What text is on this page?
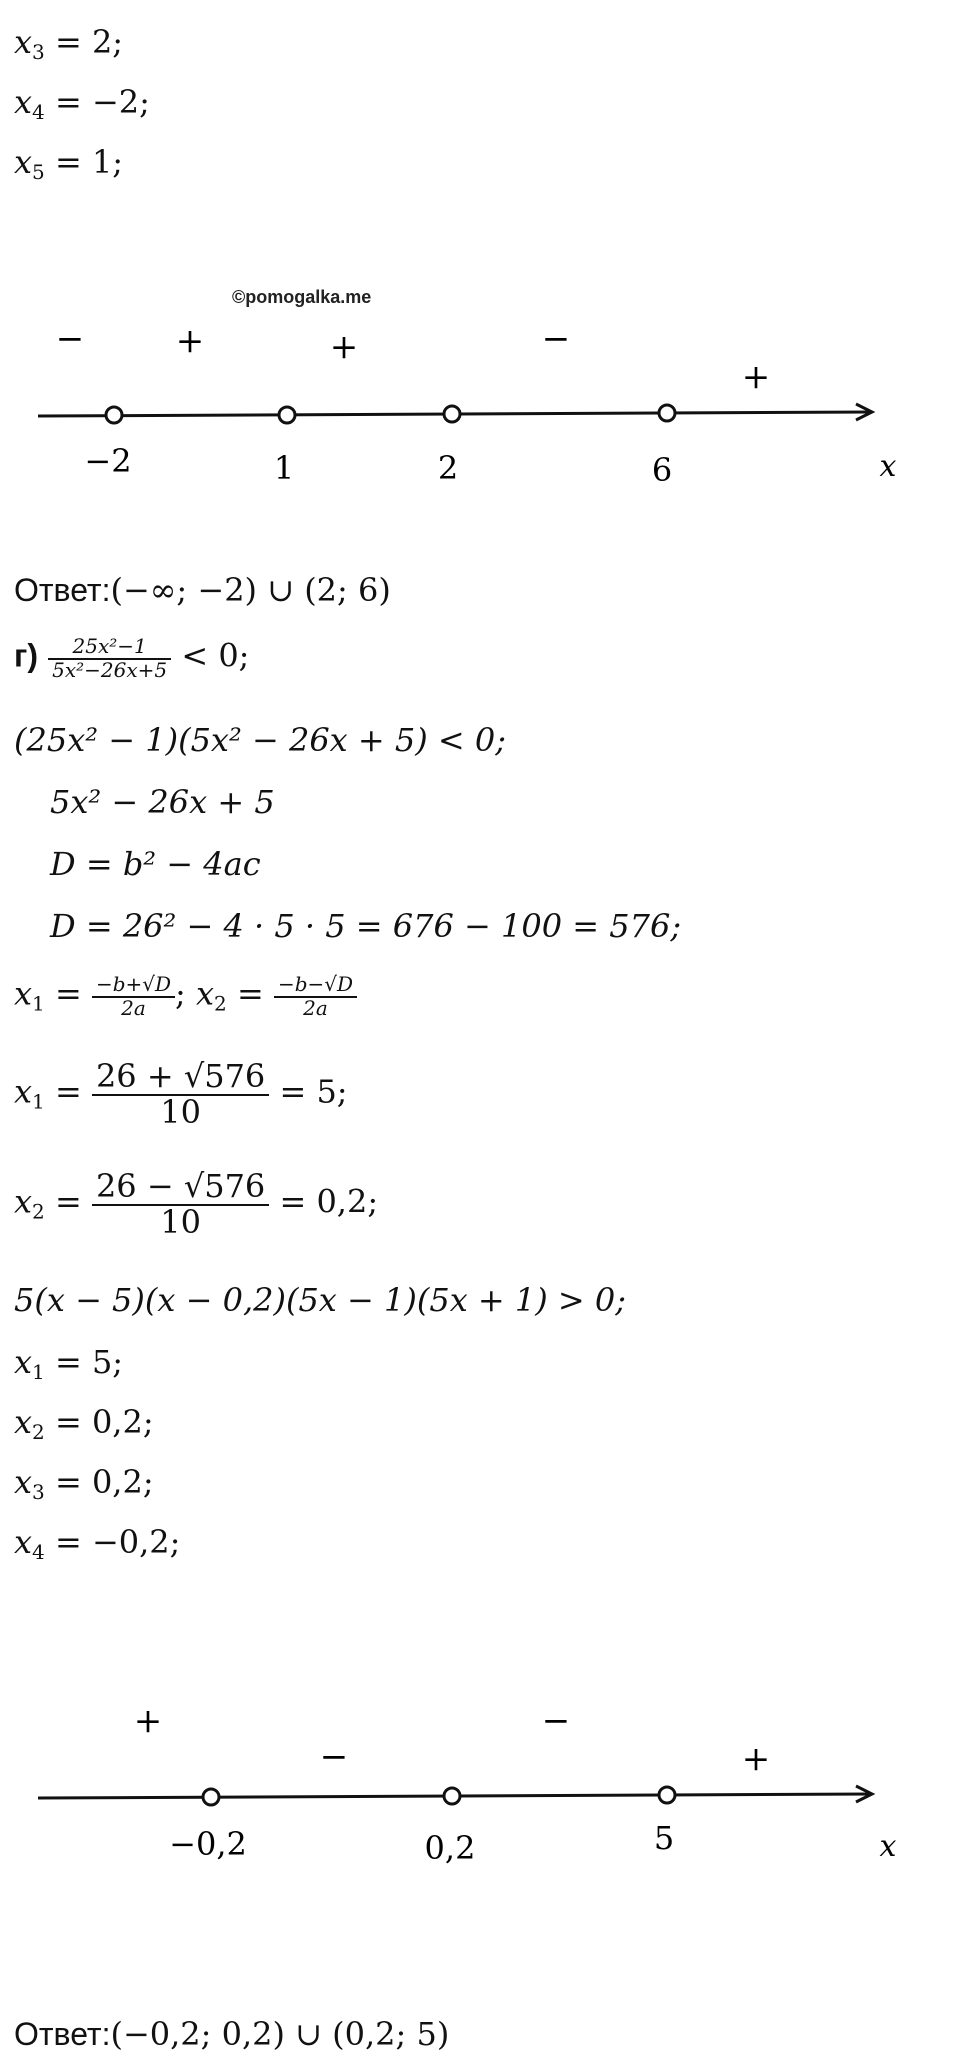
$x_3 = 2$;
$x_4 = -2$;
$x_5 = 1$;
©pomogalka.me
−2	1	2	6	x
−	+	+	−
+
Ответ:(−∞; −2) ∪ (2; 6)
$г) \frac{\text{25x²−1}}{\text{5x²−26x+5}} < 0$;
(25x² − 1)(5x² − 26x + 5) < 0;
5x² − 26x + 5
D = b² − 4ac
D = 26² − 4 · 5 · 5 = 676 − 100 = 576;
$x_1 = \frac{-b+√D}{2a}$ ; $x_2 = \frac{-b-√D}{2a}$
$x_1 = \frac{26 + √576}{10} = 5$;
$x_2 = \frac{26 - √576}{10} = 0,2$;
5(x − 5)(x − 0,2)(5x − 1)(5x + 1) > 0;
$x_1 = 5$;
$x_2 = 0,2$;
$x_3 = 0,2$;
$x_4 = -0,2$;
−0,2	0,2	5	x
+
−
−
+
Ответ:(−0,2; 0,2) ∪ (0,2; 5)
